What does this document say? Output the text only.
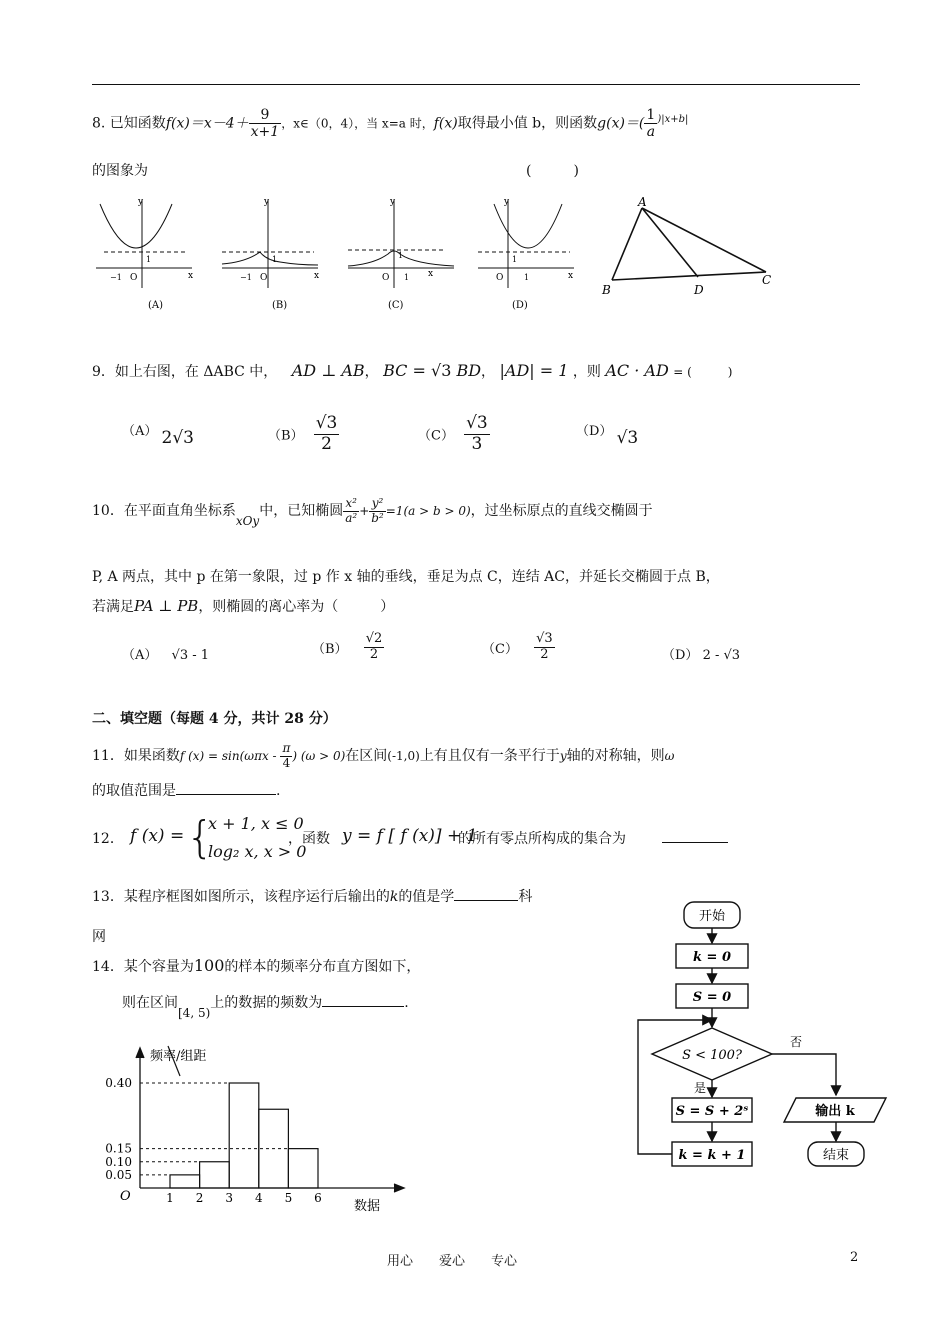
8. 已知函数$f(x)=x-4+ \frac{9}{x+1}$ ，x∈（0，4），当 x=a 时，f(x)取得最小值 b，则函数$g(x)=( \frac{1}{a} ^{)|x+b|}$
的图象为	(　　　)
y
x
O
1
−1
(A)
y
x
O
1
−1
(B)
y
x
O
1
1
(C)
y
x
O
1
1
(D)
A
B	D
C
9．如上右图，在 ΔABC 中， AD ⊥ AB， BC = √3 BD， |AD| = 1 ，则 AC · AD = (　　　)
（A） 2√3	$(B) \frac{√3}{2}$	$(C) \frac{√3}{3}$	（D） √3
10．在平面直角坐标系xOy中，已知椭圆 $\frac{\text{x²}}{\text{a²}} + \frac{\text{y²}}{\text{b²}} =1(a > b > 0)$，过坐标原点的直线交椭圆于
P, A 两点，其中 p 在第一象限，过 p 作 x 轴的垂线，垂足为点 C，连结 AC，并延长交椭圆于点 B，
若满足PA ⊥ PB，则椭圆的离心率为（　　　）
（A） √3 - 1	$(B) \frac{√2}{2}$	$(C) \frac{√3}{2}$	（D） 2 - √3
二、填空题（每题 4 分，共计 28 分）
11．如果函数f $(x) = \sin(\omega\pi x - \frac{\pi}{4}$ ) (ω > 0)在区间(-1,0)上有且仅有一条平行于y轴的对称轴，则ω
的取值范围是	.
12． f (x) = {
x + 1, x ≤ 0
log₂ x, x > 0
，函数 y = f [ f (x)] + 1
的所有零点所构成的集合为
13．某程序框图如图所示，该程序运行后输出的k的值是学	科
网
14．某个容量为100的样本的频率分布直方图如下，
则在区间[4, 5)上的数据的频数为	.
频率/组距
数据
O
0.40
0.15
0.10
0.05
1 2 3 4 5 6
开始
k = 0
S = 0
S < 100?
否
是
S = S + 2ˢ
k = k + 1
输出 k
结束
用心　　爱心　　专心	2
